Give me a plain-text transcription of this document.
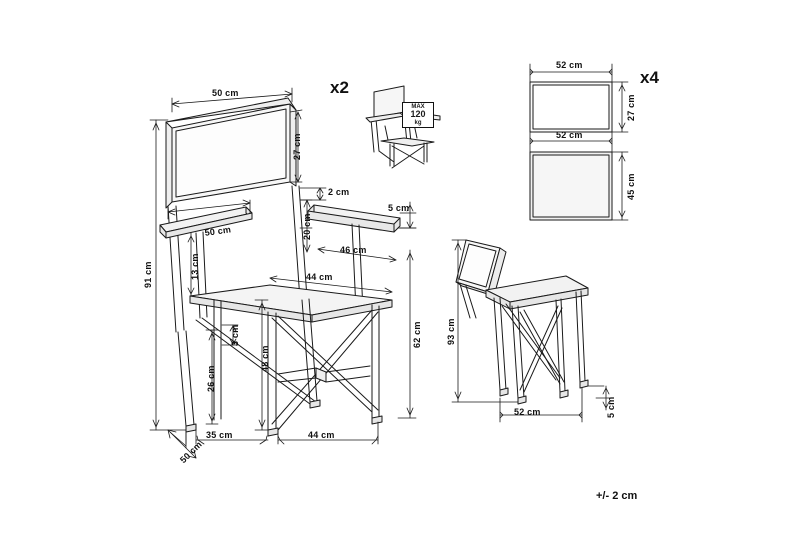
x2
x4
MAX
120
kg
50 cm
27 cm
2 cm
50 cm	20 cm
5 cm
46 cm
44 cm
13 cm
91 cm
3 cm
48 cm
26 cm
62 cm
50 cm
35 cm	44 cm
93 cm
52 cm	5 cm
52 cm
27 cm
52 cm
45 cm
+/- 2 cm
